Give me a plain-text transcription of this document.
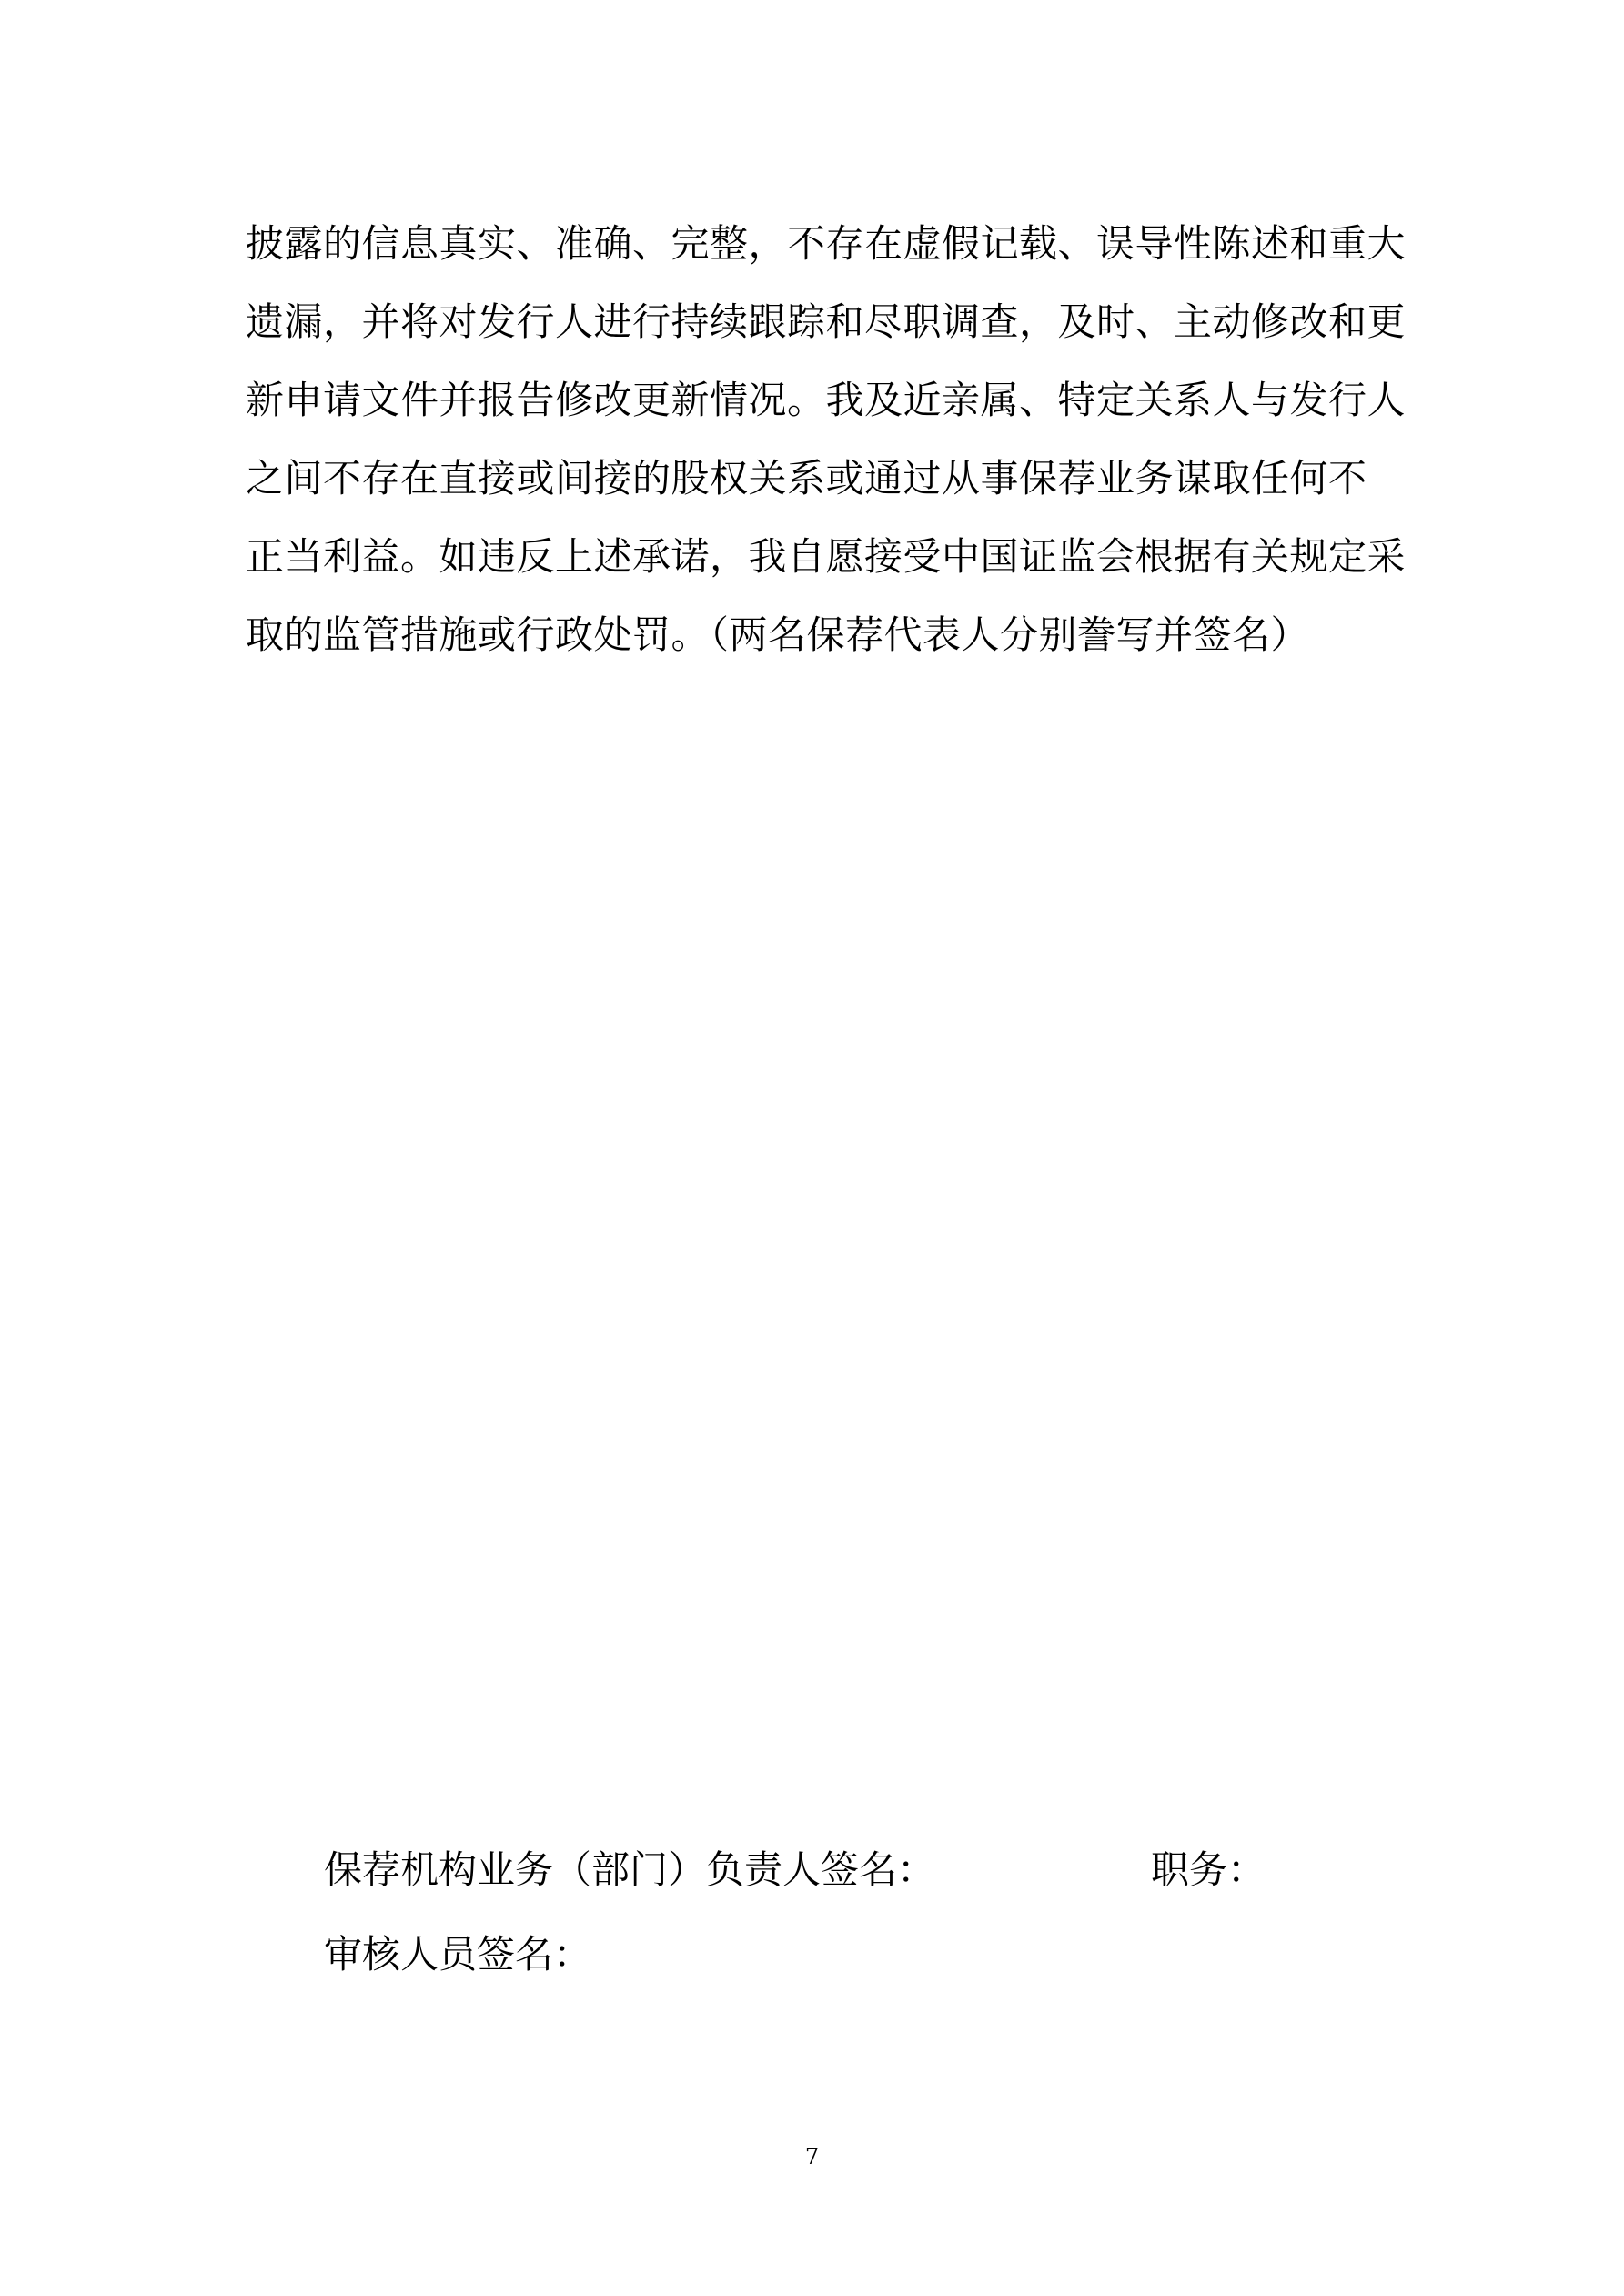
披露的信息真实、准确、完整，不存在虚假记载、误导性陈述和重大
遗漏，并将对发行人进行持续跟踪和尽职调查，及时、主动修改和更
新申请文件并报告修改更新情况。我及近亲属、特定关系人与发行人
之间不存在直接或间接的股权关系或通过从事保荐业务谋取任何不
正当利益。如违反上述承诺，我自愿接受中国证监会根据有关规定采
取的监管措施或行政处罚。（两名保荐代表人分别誊写并签名）
保荐机构业务（部门）负责人签名：	职务：
审核人员签名：
7
